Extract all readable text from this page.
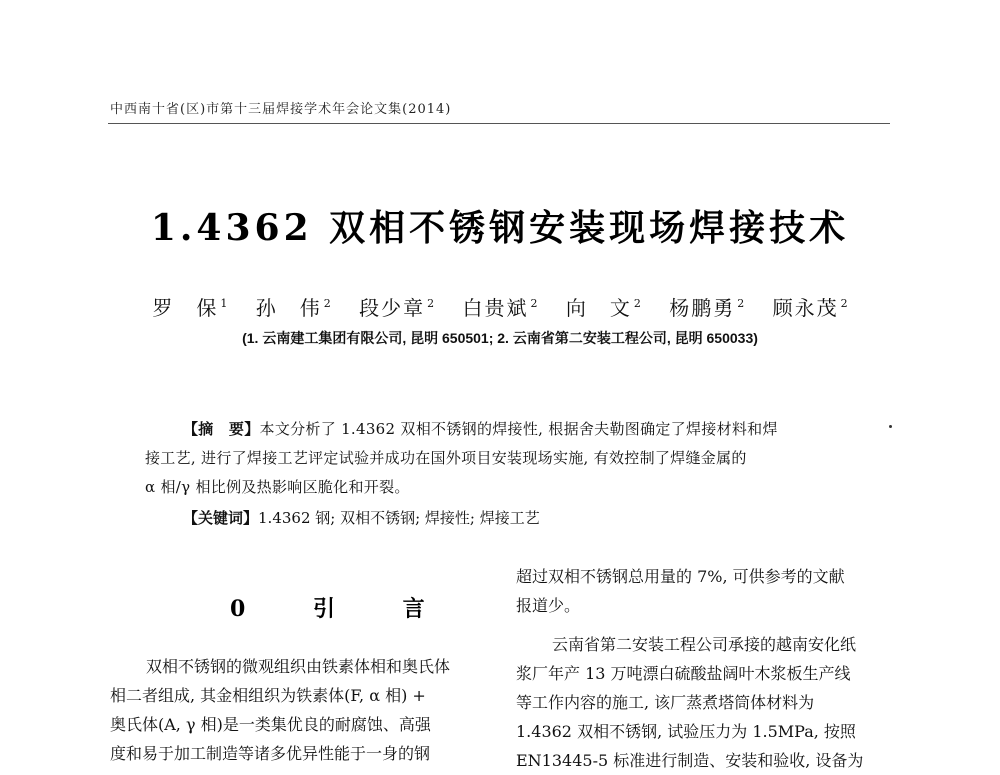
中西南十省(区)市第十三届焊接学术年会论文集(2014)
1.4362 双相不锈钢安装现场焊接技术
罗　保 $^1$ 孙　伟 $^2$ 段少章 $^2$ 白贵斌 $^2$ 向　文 $^2$ 杨鹏勇 $^2$ 顾永茂 $^2$
(1. 云南建工集团有限公司, 昆明 650501; 2. 云南省第二安装工程公司, 昆明 650033)
【摘　要】本文分析了 1.4362 双相不锈钢的焊接性, 根据舍夫勒图确定了焊接材料和焊
接工艺, 进行了焊接工艺评定试验并成功在国外项目安装现场实施, 有效控制了焊缝金属的
α 相/γ 相比例及热影响区脆化和开裂。
【关键词】1.4362 钢; 双相不锈钢; 焊接性; 焊接工艺
0 引 言
双相不锈钢的微观组织由铁素体相和奥氏体
相二者组成, 其金相组织为铁素体(F, α 相) +
奥氏体(A, γ 相)是一类集优良的耐腐蚀、高强
度和易于加工制造等诸多优异性能于一身的钢
超过双相不锈钢总用量的 7%, 可供参考的文献
报道少。
云南省第二安装工程公司承接的越南安化纸
浆厂年产 13 万吨漂白硫酸盐阔叶木浆板生产线
等工作内容的施工, 该厂蒸煮塔筒体材料为
1.4362 双相不锈钢, 试验压力为 1.5MPa, 按照
EN13445-5 标准进行制造、安装和验收, 设备为
